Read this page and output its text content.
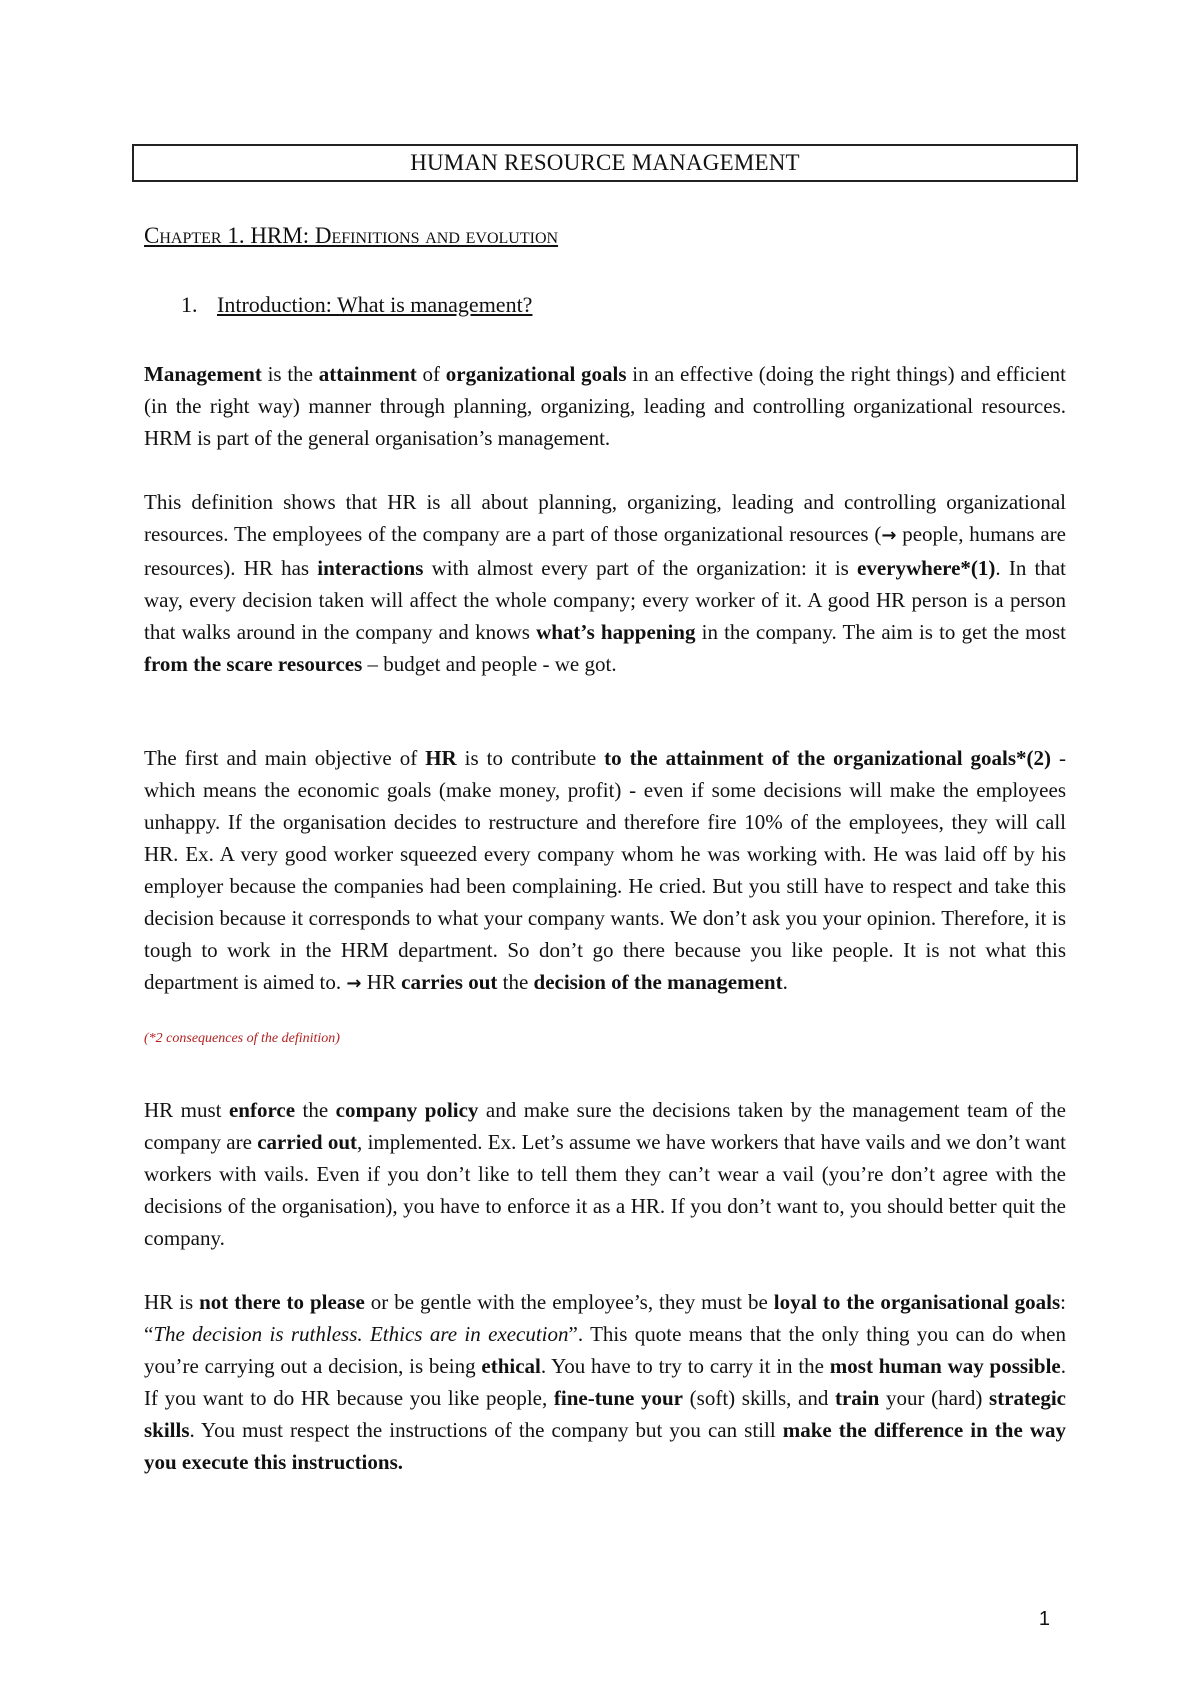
H UMAN RESOURCE MANAGEMENT
Chapter 1. HRM: Definitions and evolution
1. Introduction: What is management?

Management is the attainment of organizational goals in an effective (doing the right things) and efficient (in the right way) manner through planning, organizing, leading and controlling organizational resources. HRM is part of the general organisation’s management.

This definition shows that HR is all about planning, organizing, leading and controlling organizational resources. The employees of the company are a part of those organizational resources (→ people, humans are resources). HR has interactions with almost every part of the organization: it is everywhere*(1). In that way, every decision taken will affect the whole company; every worker of it. A good HR person is a person that walks around in the company and knows what’s happening in the company. The aim is to get the most from the scare resources – budget and people - we got.

The first and main objective of HR is to contribute to the attainment of the organizational goals*(2) - which means the economic goals (make money, profit) - even if some decisions will make the employees unhappy. If the organisation decides to restructure and therefore fire 10% of the employees, they will call HR. Ex. A very good worker squeezed every company whom he was working with. He was laid off by his employer because the companies had been complaining. He cried. But you still have to respect and take this decision because it corresponds to what your company wants. We don’t ask you your opinion. Therefore, it is tough to work in the HRM department. So don’t go there because you like people. It is not what this department is aimed to. → HR carries out the decision of the management.

(*2 consequences of the definition)

HR must enforce the company policy and make sure the decisions taken by the management team of the company are carried out, implemented. Ex. Let’s assume we have workers that have vails and we don’t want workers with vails. Even if you don’t like to tell them they can’t wear a vail (you’re don’t agree with the decisions of the organisation), you have to enforce it as a HR. If you don’t want to, you should better quit the company.

HR is not there to please or be gentle with the employee’s, they must be loyal to the organisational goals: “The decision is ruthless. Ethics are in execution”. This quote means that the only thing you can do when you’re carrying out a decision, is being ethical. You have to try to carry it in the most human way possible. If you want to do HR because you like people, fine-tune your (soft) skills, and train your (hard) strategic skills. You must respect the instructions of the company but you can still make the difference in the way you execute this instructions.

1
